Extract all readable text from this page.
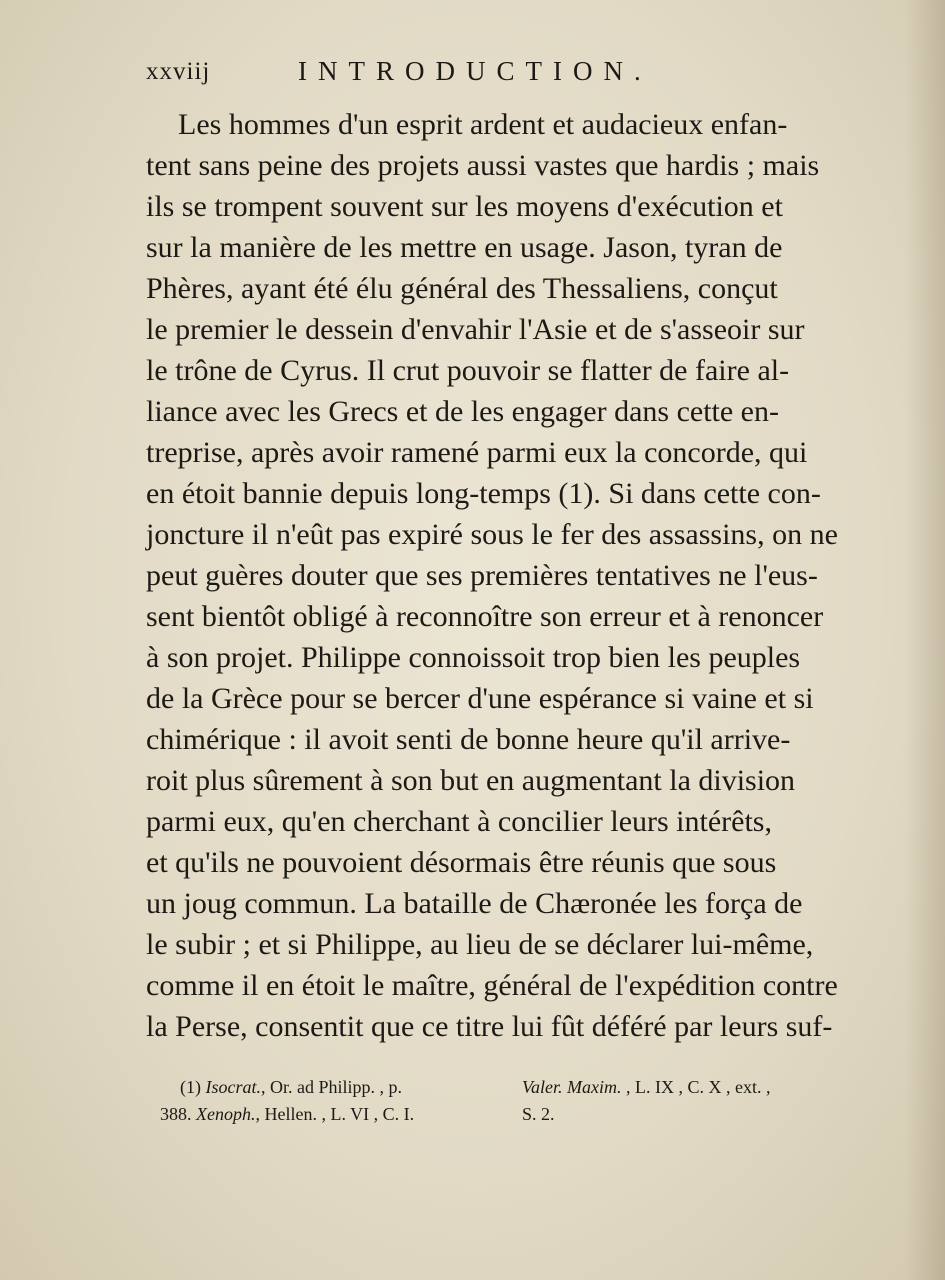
xxviij	INTRODUCTION.
Les hommes d'un esprit ardent et audacieux enfan-
tent sans peine des projets aussi vastes que hardis ; mais
ils se trompent souvent sur les moyens d'exécution et
sur la manière de les mettre en usage. Jason, tyran de
Phères, ayant été élu général des Thessaliens, conçut
le premier le dessein d'envahir l'Asie et de s'asseoir sur
le trône de Cyrus. Il crut pouvoir se flatter de faire al-
liance avec les Grecs et de les engager dans cette en-
treprise, après avoir ramené parmi eux la concorde, qui
en étoit bannie depuis long-temps (1). Si dans cette con-
joncture il n'eût pas expiré sous le fer des assassins, on ne
peut guères douter que ses premières tentatives ne l'eus-
sent bientôt obligé à reconnoître son erreur et à renoncer
à son projet. Philippe connoissoit trop bien les peuples
de la Grèce pour se bercer d'une espérance si vaine et si
chimérique : il avoit senti de bonne heure qu'il arrive-
roit plus sûrement à son but en augmentant la division
parmi eux, qu'en cherchant à concilier leurs intérêts,
et qu'ils ne pouvoient désormais être réunis que sous
un joug commun. La bataille de Chæronée les força de
le subir ; et si Philippe, au lieu de se déclarer lui-même,
comme il en étoit le maître, général de l'expédition contre
la Perse, consentit que ce titre lui fût déféré par leurs suf-
(1) Isocrat., Or. ad Philipp. , p.
388. Xenoph., Hellen. , L. VI , C. I.
Valer. Maxim. , L. IX , C. X , ext. ,
S. 2.
